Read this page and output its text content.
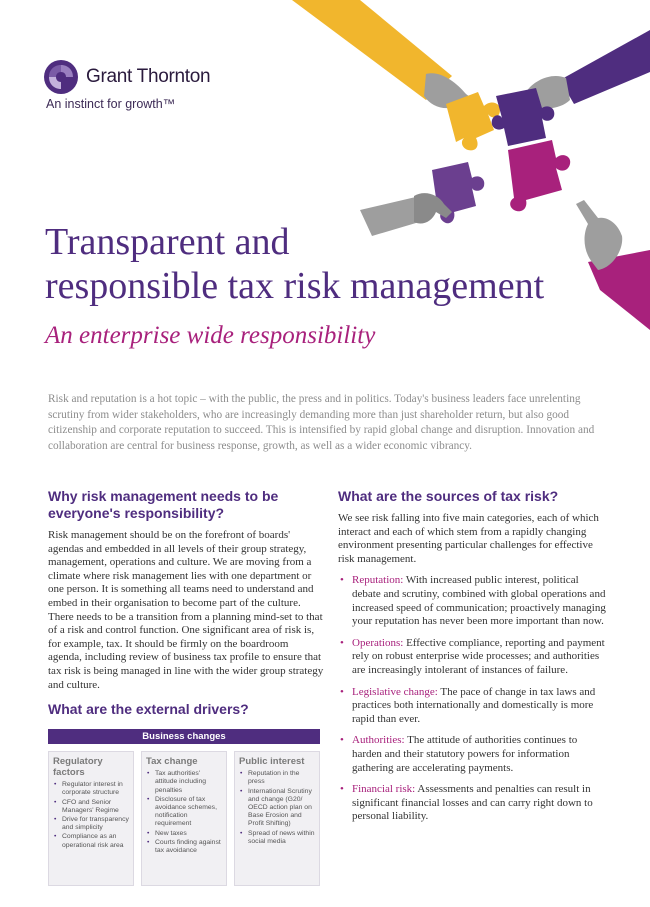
Grant Thornton
An instinct for growth™
Transparent and
responsible tax risk management
An enterprise wide responsibility

Risk and reputation is a hot topic – with the public, the press and in politics. Today's business leaders face unrelenting scrutiny from wider stakeholders, who are increasingly demanding more than just shareholder return, but also good citizenship and corporate reputation to succeed. This is intensified by rapid global change and disruption. Innovation and collaboration are central for business response, growth, as well as a wider economic vibrancy.

Why risk management needs to be everyone's responsibility?

Risk management should be on the forefront of boards' agendas and embedded in all levels of their group strategy, management, operations and culture. We are moving from a climate where risk management lies with one department or one person. It is something all teams need to understand and embed in their organisation to become part of the culture. There needs to be a transition from a planning mind-set to that of a risk and control function. One significant area of risk is, for example, tax. It should be firmly on the boardroom agenda, including review of business tax profile to ensure that tax risk is being managed in line with the wider group strategy and culture.

What are the external drivers?
Business changes
Regulatory factors
• Regulator interest in corporate structure
• CFO and Senior Managers' Regime
• Drive for transparency and simplicity
• Compliance as an operational risk area
Tax change
• Tax authorities' attitude including penalties
• Disclosure of tax avoidance schemes, notification requirement
• New taxes
• Courts finding against tax avoidance
Public interest
• Reputation in the press
• International Scrutiny and change (G20/ OECD action plan on Base Erosion and Profit Shifting)
• Spread of news within social media
What are the sources of tax risk?

We see risk falling into five main categories, each of which interact and each of which stem from a rapidly changing environment presenting particular challenges for effective risk management.

• Reputation: With increased public interest, political debate and scrutiny, combined with global operations and increased speed of communication; proactively managing your reputation has never been more important than now.
• Operations: Effective compliance, reporting and payment rely on robust enterprise wide processes; and authorities are increasingly intolerant of instances of failure.
• Legislative change: The pace of change in tax laws and practices both internationally and domestically is more rapid than ever.
• Authorities: The attitude of authorities continues to harden and their statutory powers for information gathering are accelerating payments.
• Financial risk: Assessments and penalties can result in significant financial losses and can carry right down to personal liability.
